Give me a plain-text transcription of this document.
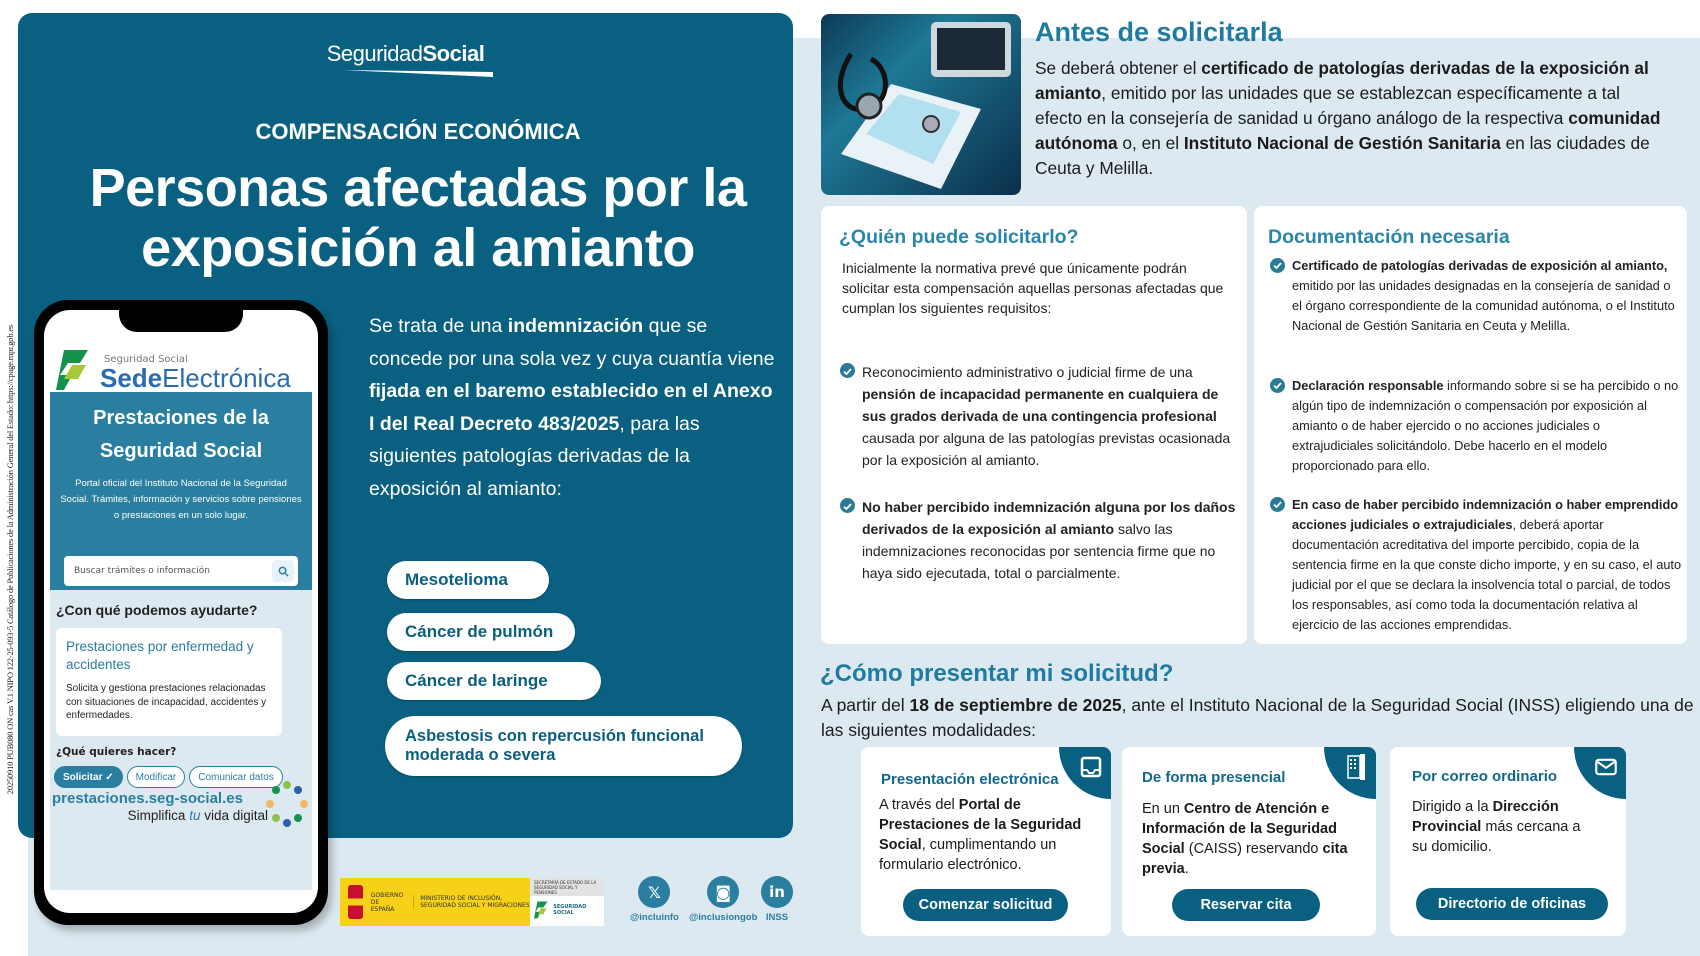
20250910 PUB080 ON cas V.1 NIPO 122-25-093-5 Catálogo de Publicaciones de la Administración General del Estado: https://cpage.mpr.gob.es
SeguridadSocial
COMPENSACIÓN ECONÓMICA
Personas afectadas por la
exposición al amianto
Se trata de una indemnización que se concede por una sola vez y cuya cuantía viene fijada en el baremo establecido en el Anexo I del Real Decreto 483/2025, para las siguientes patologías derivadas de la exposición al amianto:
Mesotelioma
Cáncer de pulmón
Cáncer de laringe
Asbestosis con repercusión funcional moderada o severa
Seguridad Social
SedeElectrónica
Prestaciones de la Seguridad Social

Portal oficial del Instituto Nacional de la Seguridad Social. Trámites, información y servicios sobre pensiones o prestaciones en un solo lugar.

Buscar trámites o información
¿Con qué podemos ayudarte?
Prestaciones por enfermedad y accidentes
Solicita y gestiona prestaciones relacionadas con situaciones de incapacidad, accidentes y enfermedades.
¿Qué quieres hacer?
Solicitar
✓	Modificar	Comunicar datos
prestaciones.seg-social.es
Simplifica tu vida digital
GOBIERNO DE ESPAÑA
MINISTERIO DE INCLUSIÓN, SEGURIDAD SOCIAL Y MIGRACIONES
SECRETARÍA DE ESTADO DE LA SEGURIDAD SOCIAL Y PENSIONES
SEGURIDAD SOCIAL
𝕏
@incluinfo
◙
@inclusiongob
in
INSS
Antes de solicitarla
Se deberá obtener el certificado de patologías derivadas de la exposición al amianto, emitido por las unidades que se establezcan específicamente a tal efecto en la consejería de sanidad u órgano análogo de la respectiva comunidad autónoma o, en el Instituto Nacional de Gestión Sanitaria en las ciudades de Ceuta y Melilla.
¿Quién puede solicitarlo?
Inicialmente la normativa prevé que únicamente podrán solicitar esta compensación aquellas personas afectadas que cumplan los siguientes requisitos:
Reconocimiento administrativo o judicial firme de una pensión de incapacidad permanente en cualquiera de sus grados derivada de una contingencia profesional causada por alguna de las patologías previstas ocasionada por la exposición al amianto.
No haber percibido indemnización alguna por los daños derivados de la exposición al amianto salvo las indemnizaciones reconocidas por sentencia firme que no haya sido ejecutada, total o parcialmente.
Documentación necesaria
Certificado de patologías derivadas de exposición al amianto, emitido por las unidades designadas en la consejería de sanidad o el órgano correspondiente de la comunidad autónoma, o el Instituto Nacional de Gestión Sanitaria en Ceuta y Melilla.
Declaración responsable informando sobre si se ha percibido o no algún tipo de indemnización o compensación por exposición al amianto o de haber ejercido o no acciones judiciales o extrajudiciales solicitándolo. Debe hacerlo en el modelo proporcionado para ello.
En caso de haber percibido indemnización o haber emprendido acciones judiciales o extrajudiciales, deberá aportar documentación acreditativa del importe percibido, copia de la sentencia firme en la que conste dicho importe, y en su caso, el auto judicial por el que se declara la insolvencia total o parcial, de todos los responsables, así como toda la documentación relativa al ejercicio de las acciones emprendidas.
¿Cómo presentar mi solicitud?
A partir del 18 de septiembre de 2025, ante el Instituto Nacional de la Seguridad Social (INSS) eligiendo una de las siguientes modalidades:
Presentación electrónica
A través del Portal de Prestaciones de la Seguridad Social, cumplimentando un formulario electrónico.
Comenzar solicitud
De forma presencial
En un Centro de Atención e Información de la Seguridad Social (CAISS) reservando cita previa.
Reservar cita
Por correo ordinario
Dirigido a la Dirección Provincial más cercana a su domicilio.
Directorio de oficinas
